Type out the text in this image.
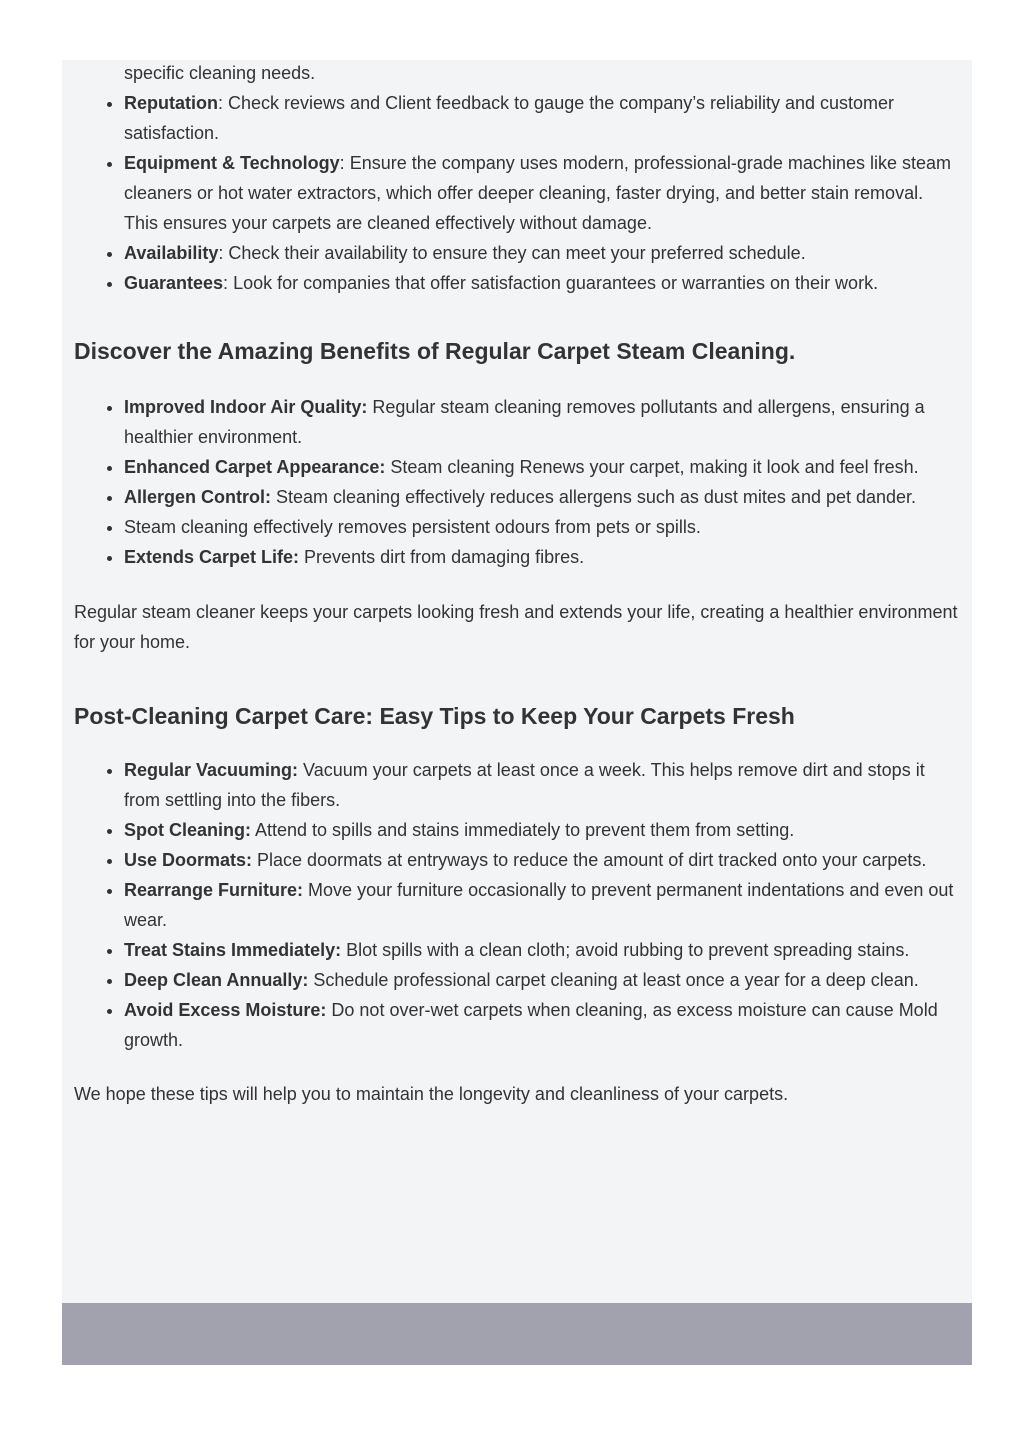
specific cleaning needs.
• Reputation: Check reviews and Client feedback to gauge the company’s reliability and customer satisfaction.
• Equipment & Technology: Ensure the company uses modern, professional-grade machines like steam cleaners or hot water extractors, which offer deeper cleaning, faster drying, and better stain removal. This ensures your carpets are cleaned effectively without damage.
• Availability: Check their availability to ensure they can meet your preferred schedule.
• Guarantees: Look for companies that offer satisfaction guarantees or warranties on their work.
Discover the Amazing Benefits of Regular Carpet Steam Cleaning.
• Improved Indoor Air Quality: Regular steam cleaning removes pollutants and allergens, ensuring a healthier environment.
• Enhanced Carpet Appearance: Steam cleaning Renews your carpet, making it look and feel fresh.
• Allergen Control: Steam cleaning effectively reduces allergens such as dust mites and pet dander.
• Steam cleaning effectively removes persistent odours from pets or spills.
• Extends Carpet Life: Prevents dirt from damaging fibres.

Regular steam cleaner keeps your carpets looking fresh and extends your life, creating a healthier environment for your home.

Post-Cleaning Carpet Care: Easy Tips to Keep Your Carpets Fresh
• Regular Vacuuming: Vacuum your carpets at least once a week. This helps remove dirt and stops it from settling into the fibers.
• Spot Cleaning: Attend to spills and stains immediately to prevent them from setting.
• Use Doormats: Place doormats at entryways to reduce the amount of dirt tracked onto your carpets.
• Rearrange Furniture: Move your furniture occasionally to prevent permanent indentations and even out wear.
• Treat Stains Immediately: Blot spills with a clean cloth; avoid rubbing to prevent spreading stains.
• Deep Clean Annually: Schedule professional carpet cleaning at least once a year for a deep clean.
• Avoid Excess Moisture: Do not over-wet carpets when cleaning, as excess moisture can cause Mold growth.

We hope these tips will help you to maintain the longevity and cleanliness of your carpets.
